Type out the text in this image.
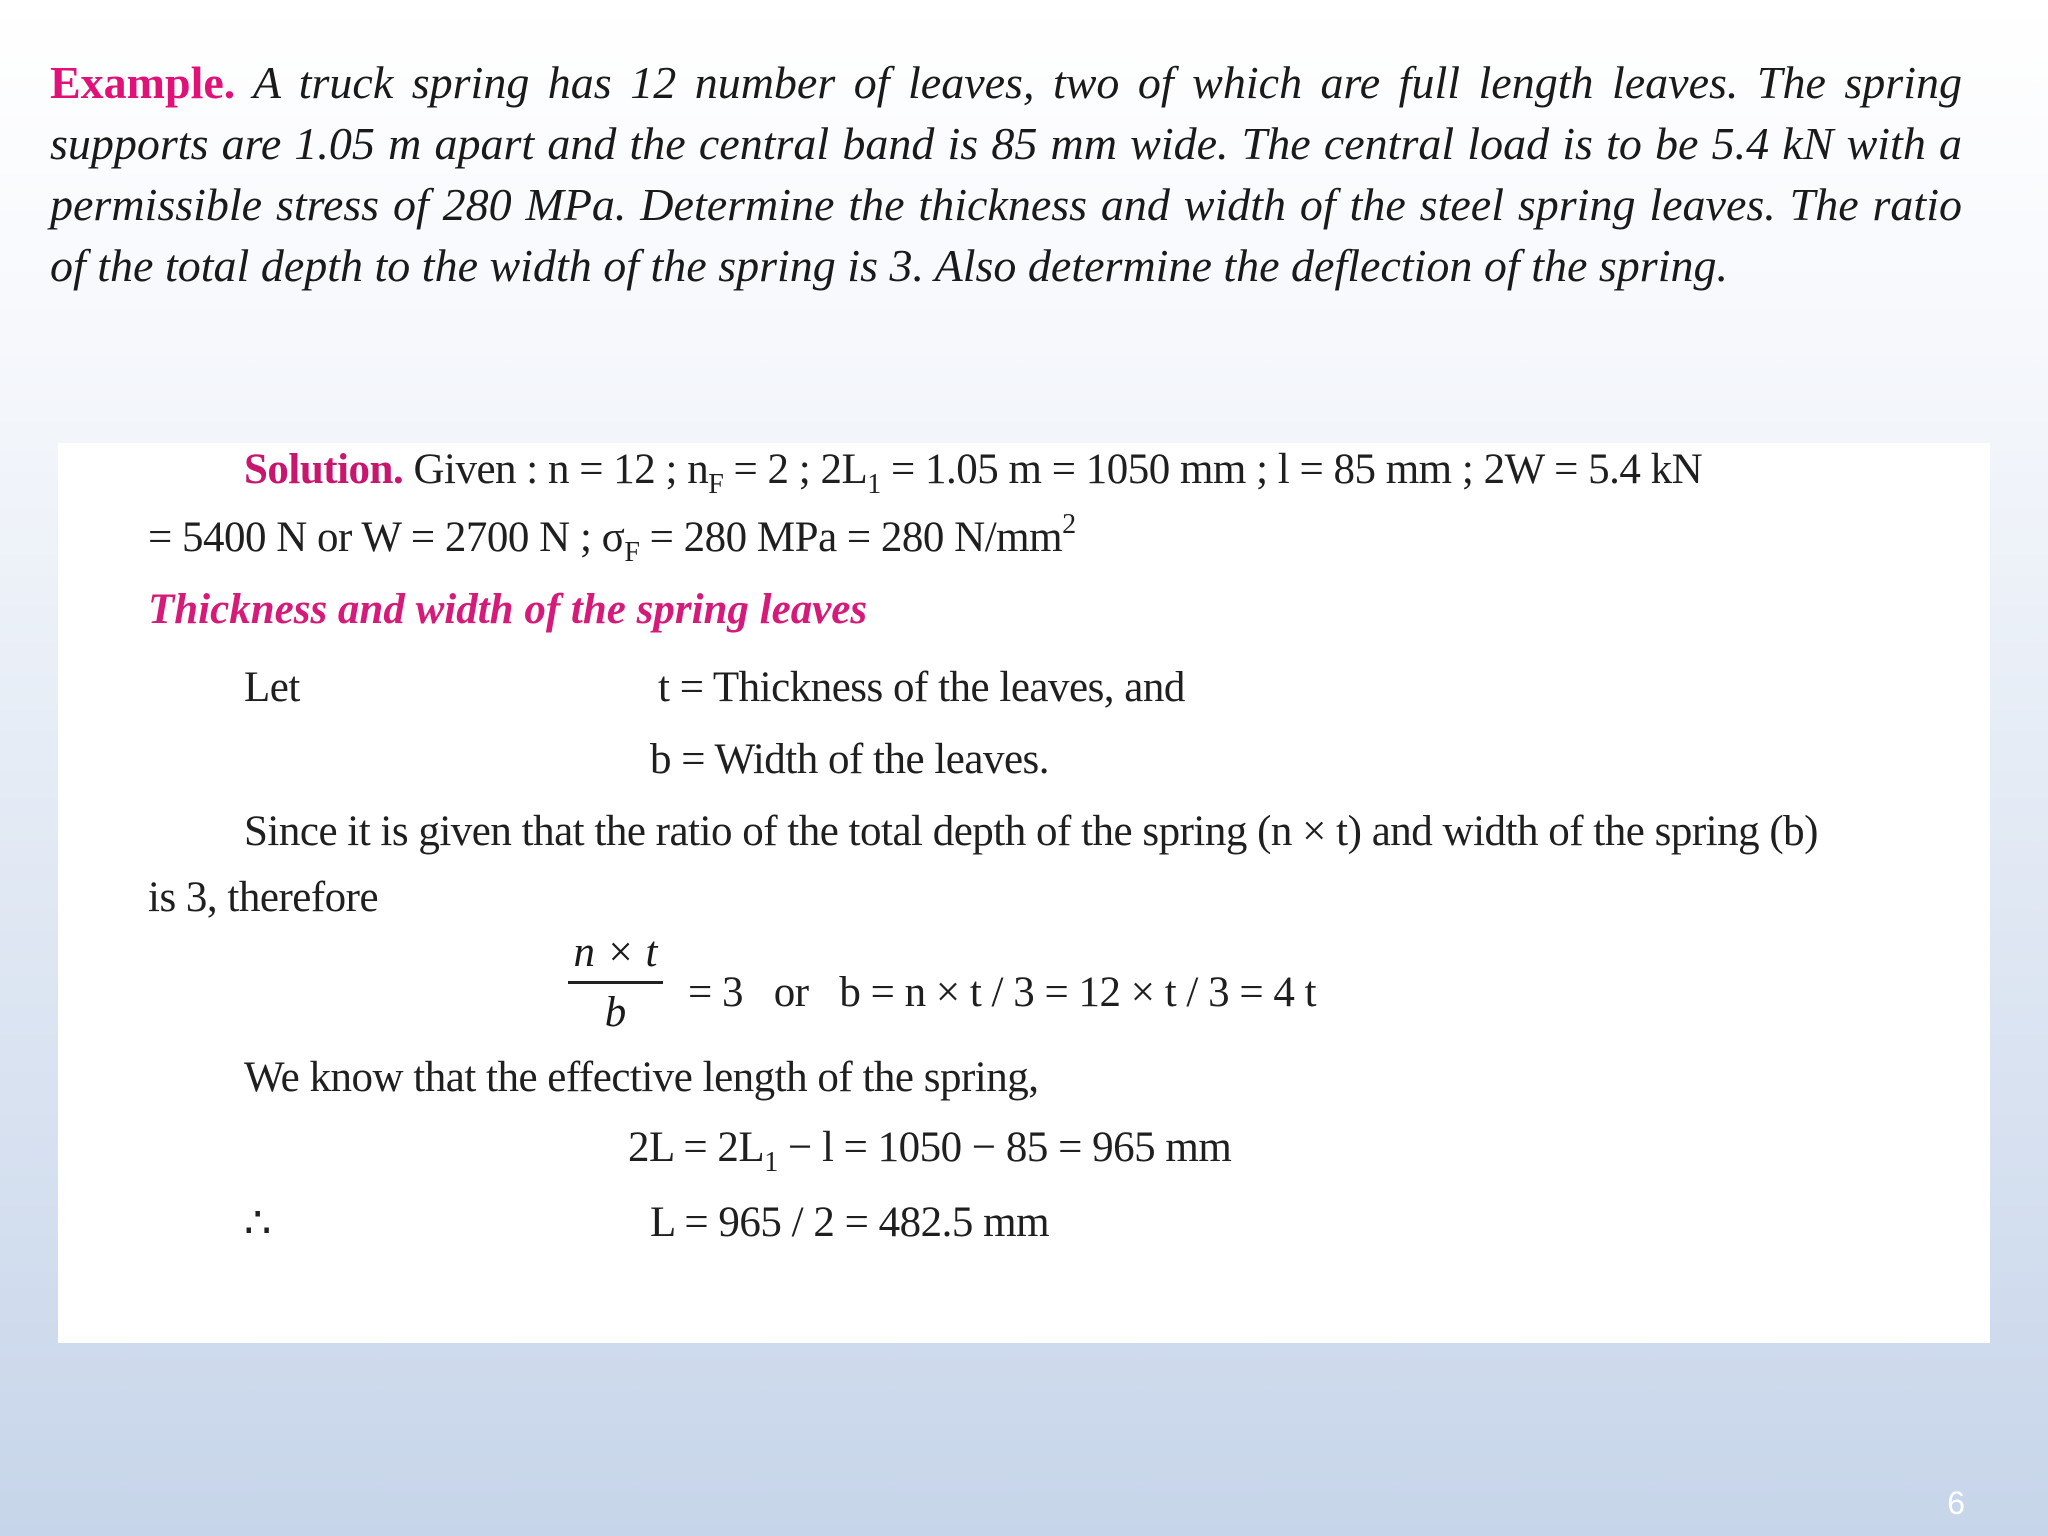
Example. A truck spring has 12 number of leaves, two of which are full length leaves. The spring supports are 1.05 m apart and the central band is 85 mm wide. The central load is to be 5.4 kN with a permissible stress of 280 MPa. Determine the thickness and width of the steel spring leaves. The ratio of the total depth to the width of the spring is 3. Also determine the deflection of the spring.
Solution. Given : n = 12 ; $n_F = 2$ ; $2L_1 = 1.05$ m = 1050 mm ; l = 85 mm ; 2W = 5.4 kN
= 5400 N or W = 2700 N ; $\sigma_F = 280$ MPa = 280 $N/mm^2$
Thickness and width of the spring leaves
Let	t = Thickness of the leaves, and
b = Width of the leaves.
Since it is given that the ratio of the total depth of the spring (n × t) and width of the spring (b)
is 3, therefore
n × t
b	= 3   or   b = n × t / 3 = 12 × t / 3 = 4 t
We know that the effective length of the spring,
$2L = 2L_1 - l = 1050 - 85 = 965$ mm
∴	L = 965 / 2 = 482.5 mm
6
